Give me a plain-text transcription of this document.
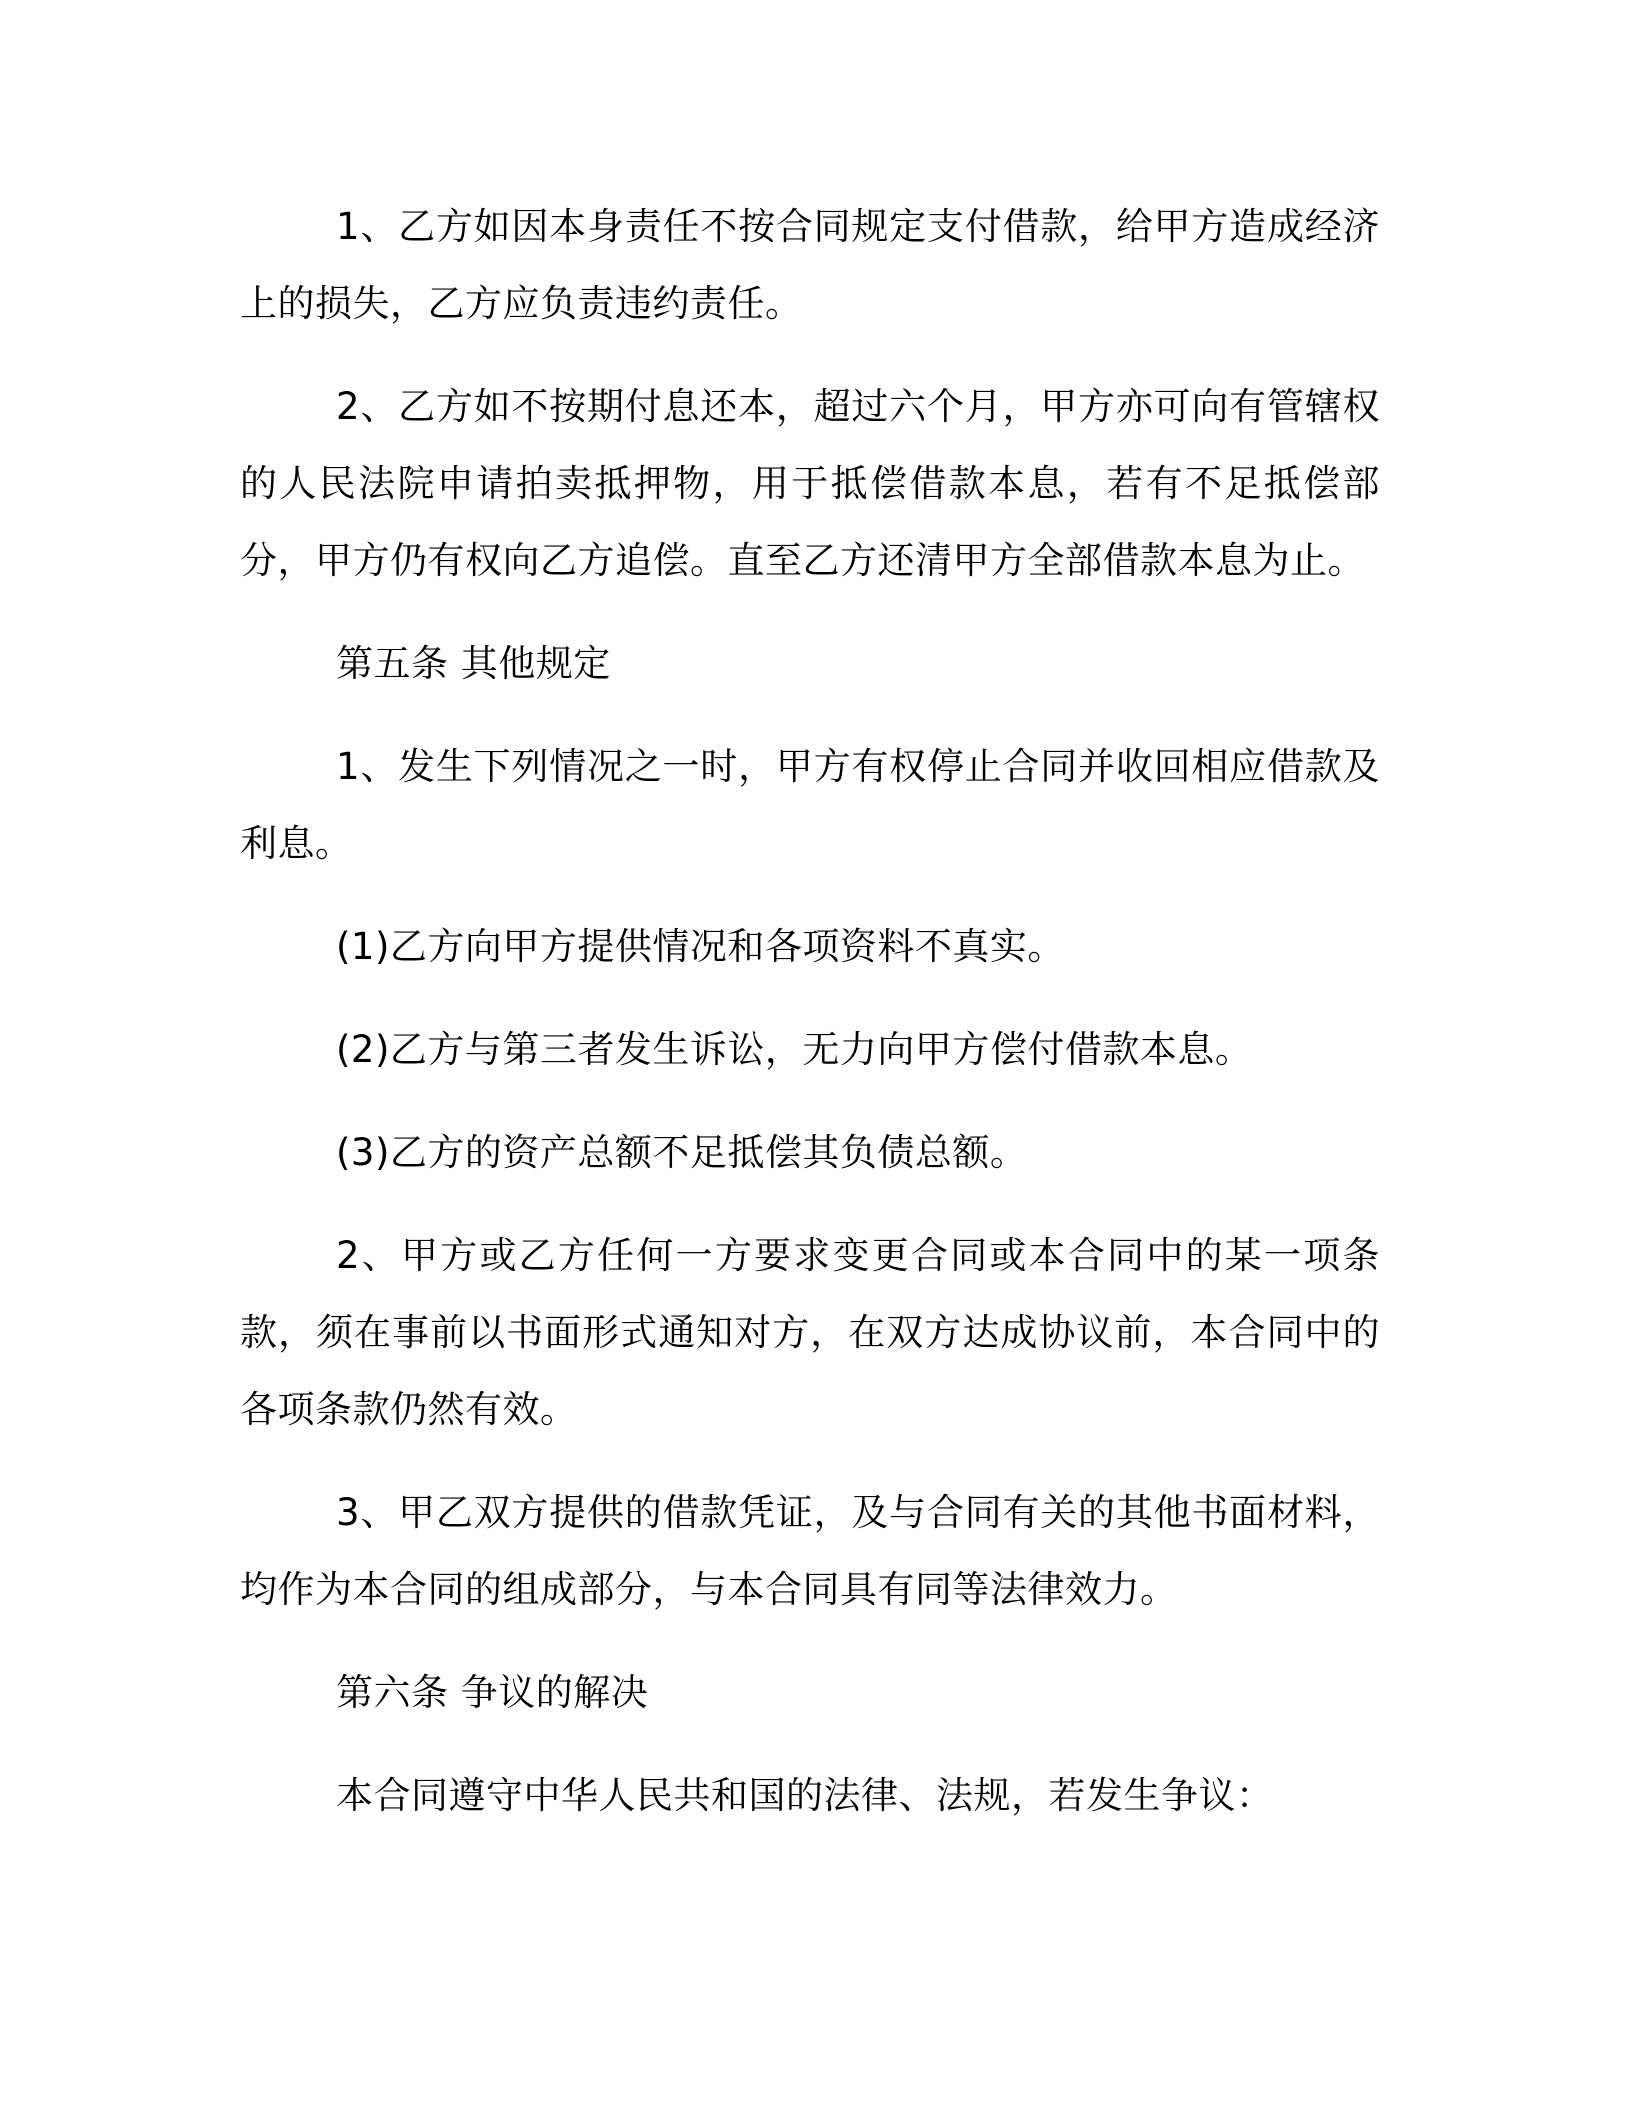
1、乙方如因本身责任不按合同规定支付借款，给甲方造成经济上的损失，乙方应负责违约责任。

2、乙方如不按期付息还本，超过六个月，甲方亦可向有管辖权的人民法院申请拍卖抵押物，用于抵偿借款本息，若有不足抵偿部分，甲方仍有权向乙方追偿。直至乙方还清甲方全部借款本息为止。

第五条 其他规定

1、发生下列情况之一时，甲方有权停止合同并收回相应借款及利息。

(1)乙方向甲方提供情况和各项资料不真实。

(2)乙方与第三者发生诉讼，无力向甲方偿付借款本息。

(3)乙方的资产总额不足抵偿其负债总额。

2、甲方或乙方任何一方要求变更合同或本合同中的某一项条款，须在事前以书面形式通知对方，在双方达成协议前，本合同中的各项条款仍然有效。

3、甲乙双方提供的借款凭证，及与合同有关的其他书面材料，均作为本合同的组成部分，与本合同具有同等法律效力。

第六条 争议的解决

本合同遵守中华人民共和国的法律、法规，若发生争议：
